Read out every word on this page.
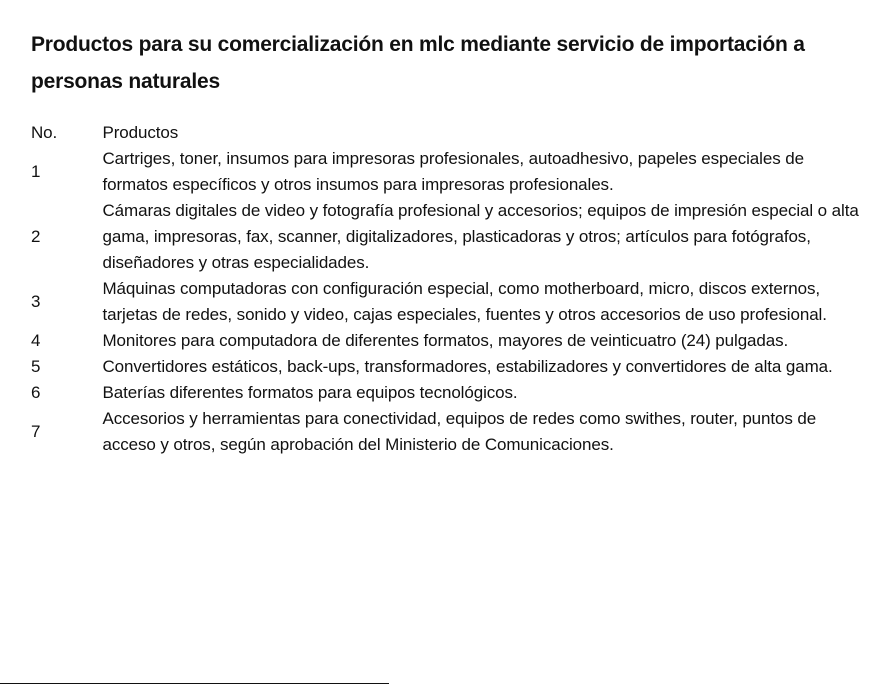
Productos para su comercialización en mlc mediante servicio de importación a personas naturales
No.	Productos
1	Cartriges, toner, insumos para impresoras profesionales, autoadhesivo, papeles especiales de formatos específicos y otros insumos para impresoras profesionales.
2	Cámaras digitales de video y fotografía profesional y accesorios; equipos de impresión especial o alta gama, impresoras, fax, scanner, digitalizadores, plasticadoras y otros; artículos para fotógrafos, diseñadores y otras especialidades.
3	Máquinas computadoras con configuración especial, como motherboard, micro, discos externos, tarjetas de redes, sonido y video, cajas especiales, fuentes y otros accesorios de uso profesional.
4	Monitores para computadora de diferentes formatos, mayores de veinticuatro (24) pulgadas.
5	Convertidores estáticos, back-ups, transformadores, estabilizadores y convertidores de alta gama.
6	Baterías diferentes formatos para equipos tecnológicos.
7	Accesorios y herramientas para conectividad, equipos de redes como swithes, router, puntos de acceso y otros, según aprobación del Ministerio de Comunicaciones.
